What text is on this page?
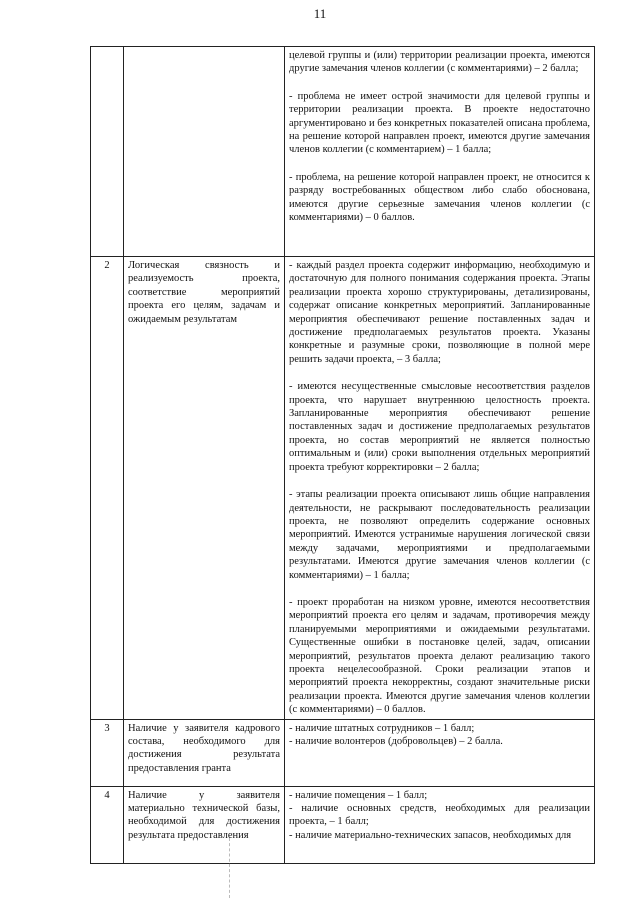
11

		целевой группы и (или) территории реализации проекта, имеются другие замечания членов коллегии (с комментариями) – 2 балла;
- проблема не имеет острой значимости для целевой группы и территории реализации проекта. В проекте недостаточно аргументировано и без конкретных показателей описана проблема, на решение которой направлен проект, имеются другие замечания членов коллегии (с комментарием) – 1 балла;
- проблема, на решение которой направлен проект, не относится к разряду востребованных обществом либо слабо обоснована, имеются другие серьезные замечания членов коллегии (с комментариями) – 0 баллов.

2	Логическая связность и реализуемость проекта, соответствие мероприятий проекта его целям, задачам и ожидаемым результатам	- каждый раздел проекта содержит информацию, необходимую и достаточную для полного понимания содержания проекта. Этапы реализации проекта хорошо структурированы, детализированы, содержат описание конкретных мероприятий. Запланированные мероприятия обеспечивают решение поставленных задач и достижение предполагаемых результатов проекта. Указаны конкретные и разумные сроки, позволяющие в полной мере решить задачи проекта, – 3 балла;
- имеются несущественные смысловые несоответствия разделов проекта, что нарушает внутреннюю целостность проекта. Запланированные мероприятия обеспечивают решение поставленных задач и достижение предполагаемых результатов проекта, но состав мероприятий не является полностью оптимальным и (или) сроки выполнения отдельных мероприятий проекта требуют корректировки – 2 балла;
- этапы реализации проекта описывают лишь общие направления деятельности, не раскрывают последовательность реализации проекта, не позволяют определить содержание основных мероприятий. Имеются устранимые нарушения логической связи между задачами, мероприятиями и предполагаемыми результатами. Имеются другие замечания членов коллегии (с комментариями) – 1 балла;
- проект проработан на низком уровне, имеются несоответствия мероприятий проекта его целям и задачам, противоречия между планируемыми мероприятиями и ожидаемыми результатами. Существенные ошибки в постановке целей, задач, описании мероприятий, результатов проекта делают реализацию такого проекта нецелесообразной. Сроки реализации этапов и мероприятий проекта некорректны, создают значительные риски реализации проекта. Имеются другие замечания членов коллегии (с комментариями) – 0 баллов.

3	Наличие у заявителя кадрового состава, необходимого для достижения результата предоставления гранта	- наличие штатных сотрудников – 1 балл;
- наличие волонтеров (добровольцев) – 2 балла.

4	Наличие у заявителя материально технической базы, необходимой для достижения результата предоставления	- наличие помещения – 1 балл;
- наличие основных средств, необходимых для реализации проекта, – 1 балл;
- наличие материально-технических запасов, необходимых для
